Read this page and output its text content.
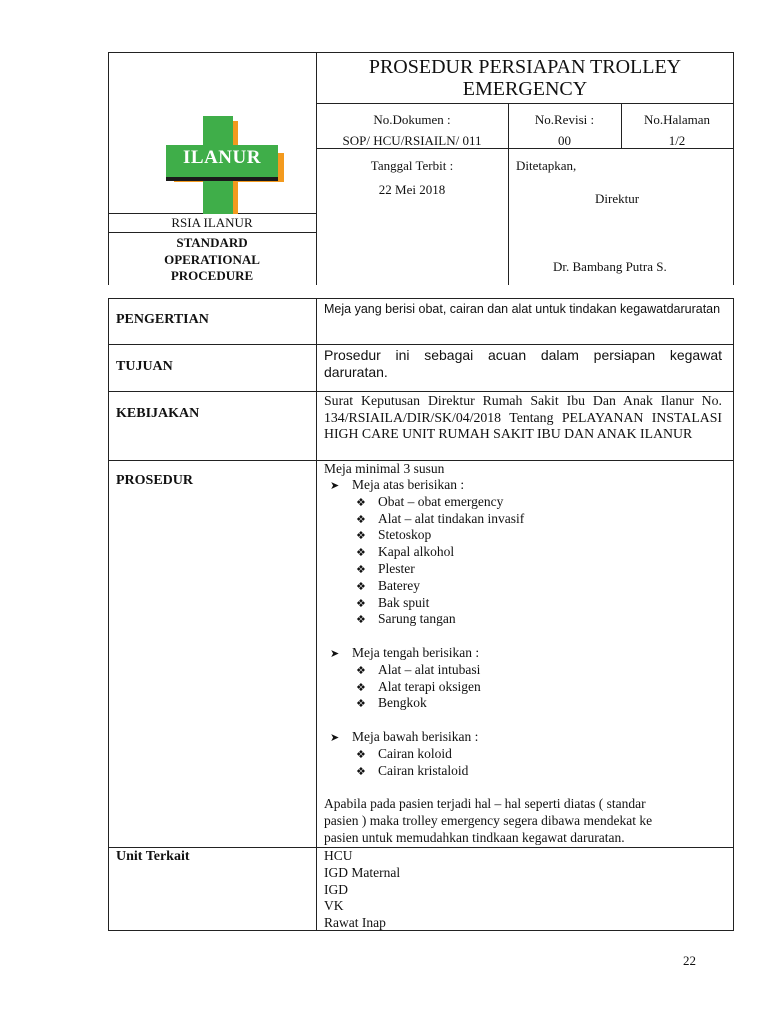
ILANUR
RSIA ILANUR
STANDARD
OPERATIONAL
PROCEDURE
PROSEDUR PERSIAPAN TROLLEY
EMERGENCY
No.Dokumen :
SOP/ HCU/RSIAILN/ 011
No.Revisi :
00
No.Halaman
1/2
Tanggal Terbit :
22 Mei 2018
Ditetapkan,
Direktur
Dr. Bambang Putra S.
PENGERTIAN
Meja yang berisi obat, cairan dan alat untuk tindakan kegawatdaruratan
TUJUAN
Prosedur ini sebagai acuan dalam persiapan kegawat daruratan.
KEBIJAKAN
Surat Keputusan Direktur Rumah Sakit Ibu Dan Anak Ilanur No. 134/RSIAILA/DIR/SK/04/2018 Tentang PELAYANAN INSTALASI HIGH CARE UNIT RUMAH SAKIT IBU DAN ANAK ILANUR
PROSEDUR
Meja minimal 3 susun
➤ Meja atas berisikan :
❖ Obat – obat emergency
❖ Alat – alat tindakan invasif
❖ Stetoskop
❖ Kapal alkohol
❖ Plester
❖ Baterey
❖ Bak spuit
❖ Sarung tangan
➤ Meja tengah berisikan :
❖ Alat – alat intubasi
❖ Alat terapi oksigen
❖ Bengkok
➤ Meja bawah berisikan :
❖ Cairan koloid
❖ Cairan kristaloid
Apabila pada pasien terjadi hal – hal seperti diatas ( standar
pasien ) maka trolley emergency segera dibawa mendekat ke
pasien untuk memudahkan tindkaan kegawat daruratan.
Unit Terkait	HCU
IGD Maternal
IGD
VK
Rawat Inap
22
